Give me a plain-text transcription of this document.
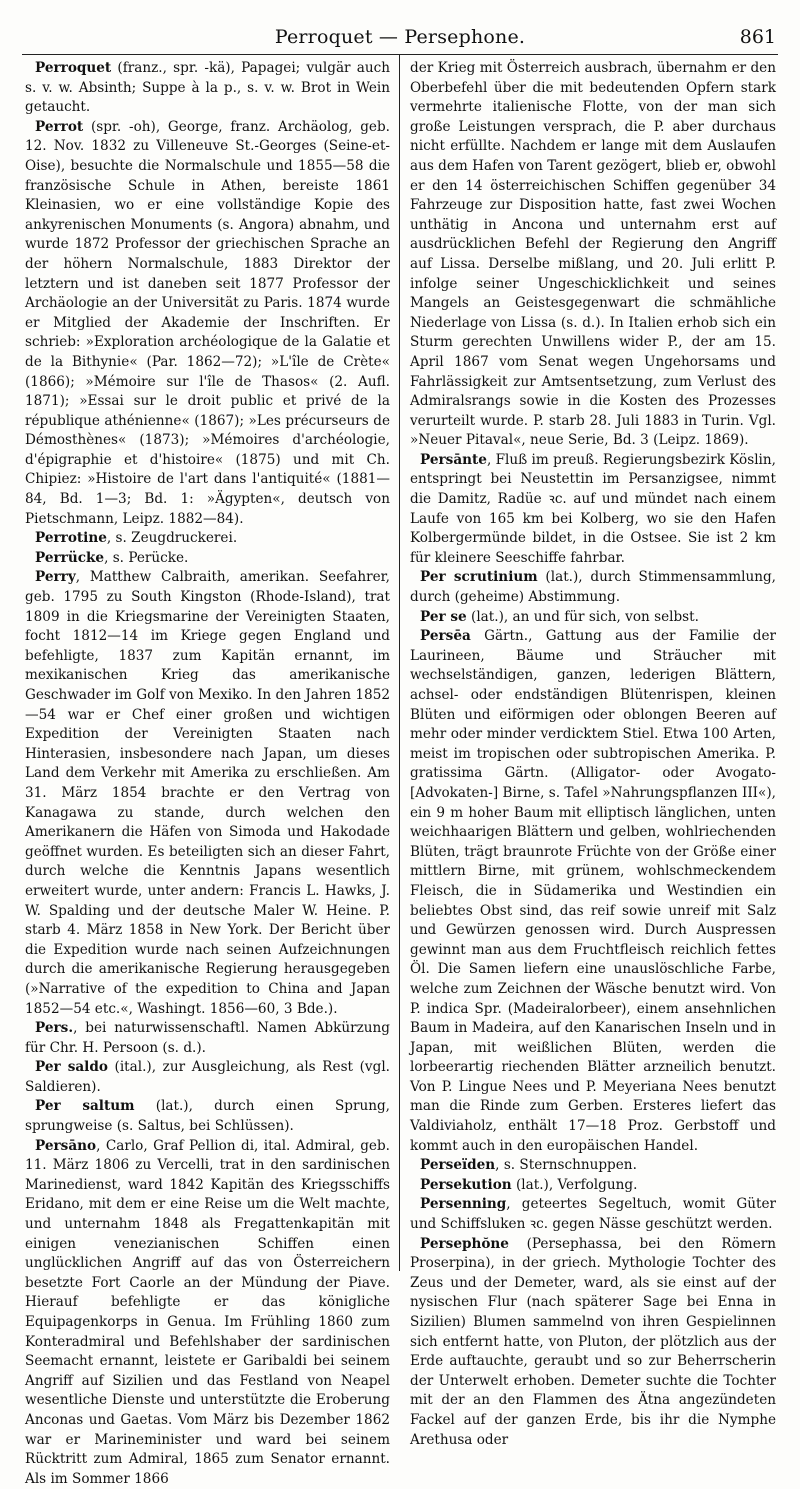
Perroquet — Persephone.	861

Perroquet (franz., spr. -kä), Papagei; vulgär auch s. v. w. Absinth; Suppe à la p., s. v. w. Brot in Wein getaucht.

Perrot (spr. -oh), George, franz. Archäolog, geb. 12. Nov. 1832 zu Villeneuve St.-Georges (Seine-et-Oise), besuchte die Normalschule und 1855—58 die französische Schule in Athen, bereiste 1861 Kleinasien, wo er eine vollständige Kopie des ankyrenischen Monuments (s. Angora) abnahm, und wurde 1872 Professor der griechischen Sprache an der höhern Normalschule, 1883 Direktor der letztern und ist daneben seit 1877 Professor der Archäologie an der Universität zu Paris. 1874 wurde er Mitglied der Akademie der Inschriften. Er schrieb: »Exploration archéologique de la Galatie et de la Bithynie« (Par. 1862—72); »L'île de Crète« (1866); »Mémoire sur l'île de Thasos« (2. Aufl. 1871); »Essai sur le droit public et privé de la république athénienne« (1867); »Les précurseurs de Démosthènes« (1873); »Mémoires d'archéologie, d'épigraphie et d'histoire« (1875) und mit Ch. Chipiez: »Histoire de l'art dans l'antiquité« (1881—84, Bd. 1—3; Bd. 1: »Ägypten«, deutsch von Pietschmann, Leipz. 1882—84).

Perrotine, s. Zeugdruckerei.

Perrücke, s. Perücke.

Perry, Matthew Calbraith, amerikan. Seefahrer, geb. 1795 zu South Kingston (Rhode-Island), trat 1809 in die Kriegsmarine der Vereinigten Staaten, focht 1812—14 im Kriege gegen England und befehligte, 1837 zum Kapitän ernannt, im mexikanischen Krieg das amerikanische Geschwader im Golf von Mexiko. In den Jahren 1852—54 war er Chef einer großen und wichtigen Expedition der Vereinigten Staaten nach Hinterasien, insbesondere nach Japan, um dieses Land dem Verkehr mit Amerika zu erschließen. Am 31. März 1854 brachte er den Vertrag von Kanagawa zu stande, durch welchen den Amerikanern die Häfen von Simoda und Hakodade geöffnet wurden. Es beteiligten sich an dieser Fahrt, durch welche die Kenntnis Japans wesentlich erweitert wurde, unter andern: Francis L. Hawks, J. W. Spalding und der deutsche Maler W. Heine. P. starb 4. März 1858 in New York. Der Bericht über die Expedition wurde nach seinen Aufzeichnungen durch die amerikanische Regierung herausgegeben (»Narrative of the expedition to China and Japan 1852—54 etc.«, Washingt. 1856—60, 3 Bde.).

Pers., bei naturwissenschaftl. Namen Abkürzung für Chr. H. Persoon (s. d.).

Per saldo (ital.), zur Ausgleichung, als Rest (vgl. Saldieren).

Per saltum (lat.), durch einen Sprung, sprungweise (s. Saltus, bei Schlüssen).

Persāno, Carlo, Graf Pellion di, ital. Admiral, geb. 11. März 1806 zu Vercelli, trat in den sardinischen Marinedienst, ward 1842 Kapitän des Kriegsschiffs Eridano, mit dem er eine Reise um die Welt machte, und unternahm 1848 als Fregattenkapitän mit einigen venezianischen Schiffen einen unglücklichen Angriff auf das von Österreichern besetzte Fort Caorle an der Mündung der Piave. Hierauf befehligte er das königliche Equipagenkorps in Genua. Im Frühling 1860 zum Konteradmiral und Befehlshaber der sardinischen Seemacht ernannt, leistete er Garibaldi bei seinem Angriff auf Sizilien und das Festland von Neapel wesentliche Dienste und unterstützte die Eroberung Anconas und Gaetas. Vom März bis Dezember 1862 war er Marineminister und ward bei seinem Rücktritt zum Admiral, 1865 zum Senator ernannt. Als im Sommer 1866

der Krieg mit Österreich ausbrach, übernahm er den Oberbefehl über die mit bedeutenden Opfern stark vermehrte italienische Flotte, von der man sich große Leistungen versprach, die P. aber durchaus nicht erfüllte. Nachdem er lange mit dem Auslaufen aus dem Hafen von Tarent gezögert, blieb er, obwohl er den 14 österreichischen Schiffen gegenüber 34 Fahrzeuge zur Disposition hatte, fast zwei Wochen unthätig in Ancona und unternahm erst auf ausdrücklichen Befehl der Regierung den Angriff auf Lissa. Derselbe mißlang, und 20. Juli erlitt P. infolge seiner Ungeschicklichkeit und seines Mangels an Geistesgegenwart die schmähliche Niederlage von Lissa (s. d.). In Italien erhob sich ein Sturm gerechten Unwillens wider P., der am 15. April 1867 vom Senat wegen Ungehorsams und Fahrlässigkeit zur Amtsentsetzung, zum Verlust des Admiralsrangs sowie in die Kosten des Prozesses verurteilt wurde. P. starb 28. Juli 1883 in Turin. Vgl. »Neuer Pitaval«, neue Serie, Bd. 3 (Leipz. 1869).

Persānte, Fluß im preuß. Regierungsbezirk Köslin, entspringt bei Neustettin im Persanzigsee, nimmt die Damitz, Radüe ꝛc. auf und mündet nach einem Laufe von 165 km bei Kolberg, wo sie den Hafen Kolbergermünde bildet, in die Ostsee. Sie ist 2 km für kleinere Seeschiffe fahrbar.

Per scrutinium (lat.), durch Stimmensammlung, durch (geheime) Abstimmung.

Per se (lat.), an und für sich, von selbst.

Persēa Gärtn., Gattung aus der Familie der Laurineen, Bäume und Sträucher mit wechselständigen, ganzen, lederigen Blättern, achsel- oder endständigen Blütenrispen, kleinen Blüten und eiförmigen oder oblongen Beeren auf mehr oder minder verdicktem Stiel. Etwa 100 Arten, meist im tropischen oder subtropischen Amerika. P. gratissima Gärtn. (Alligator- oder Avogato- [Advokaten-] Birne, s. Tafel »Nahrungspflanzen III«), ein 9 m hoher Baum mit elliptisch länglichen, unten weichhaarigen Blättern und gelben, wohlriechenden Blüten, trägt braunrote Früchte von der Größe einer mittlern Birne, mit grünem, wohlschmeckendem Fleisch, die in Südamerika und Westindien ein beliebtes Obst sind, das reif sowie unreif mit Salz und Gewürzen genossen wird. Durch Auspressen gewinnt man aus dem Fruchtfleisch reichlich fettes Öl. Die Samen liefern eine unauslöschliche Farbe, welche zum Zeichnen der Wäsche benutzt wird. Von P. indica Spr. (Madeiralorbeer), einem ansehnlichen Baum in Madeira, auf den Kanarischen Inseln und in Japan, mit weißlichen Blüten, werden die lorbeerartig riechenden Blätter arzneilich benutzt. Von P. Lingue Nees und P. Meyeriana Nees benutzt man die Rinde zum Gerben. Ersteres liefert das Valdiviaholz, enthält 17—18 Proz. Gerbstoff und kommt auch in den europäischen Handel.

Perseïden, s. Sternschnuppen.

Persekution (lat.), Verfolgung.

Persenning, geteertes Segeltuch, womit Güter und Schiffsluken ꝛc. gegen Nässe geschützt werden.

Persephŏne (Persephassa, bei den Römern Proserpina), in der griech. Mythologie Tochter des Zeus und der Demeter, ward, als sie einst auf der nysischen Flur (nach späterer Sage bei Enna in Sizilien) Blumen sammelnd von ihren Gespielinnen sich entfernt hatte, von Pluton, der plötzlich aus der Erde auftauchte, geraubt und so zur Beherrscherin der Unterwelt erhoben. Demeter suchte die Tochter mit der an den Flammen des Ätna angezündeten Fackel auf der ganzen Erde, bis ihr die Nymphe Arethusa oder
